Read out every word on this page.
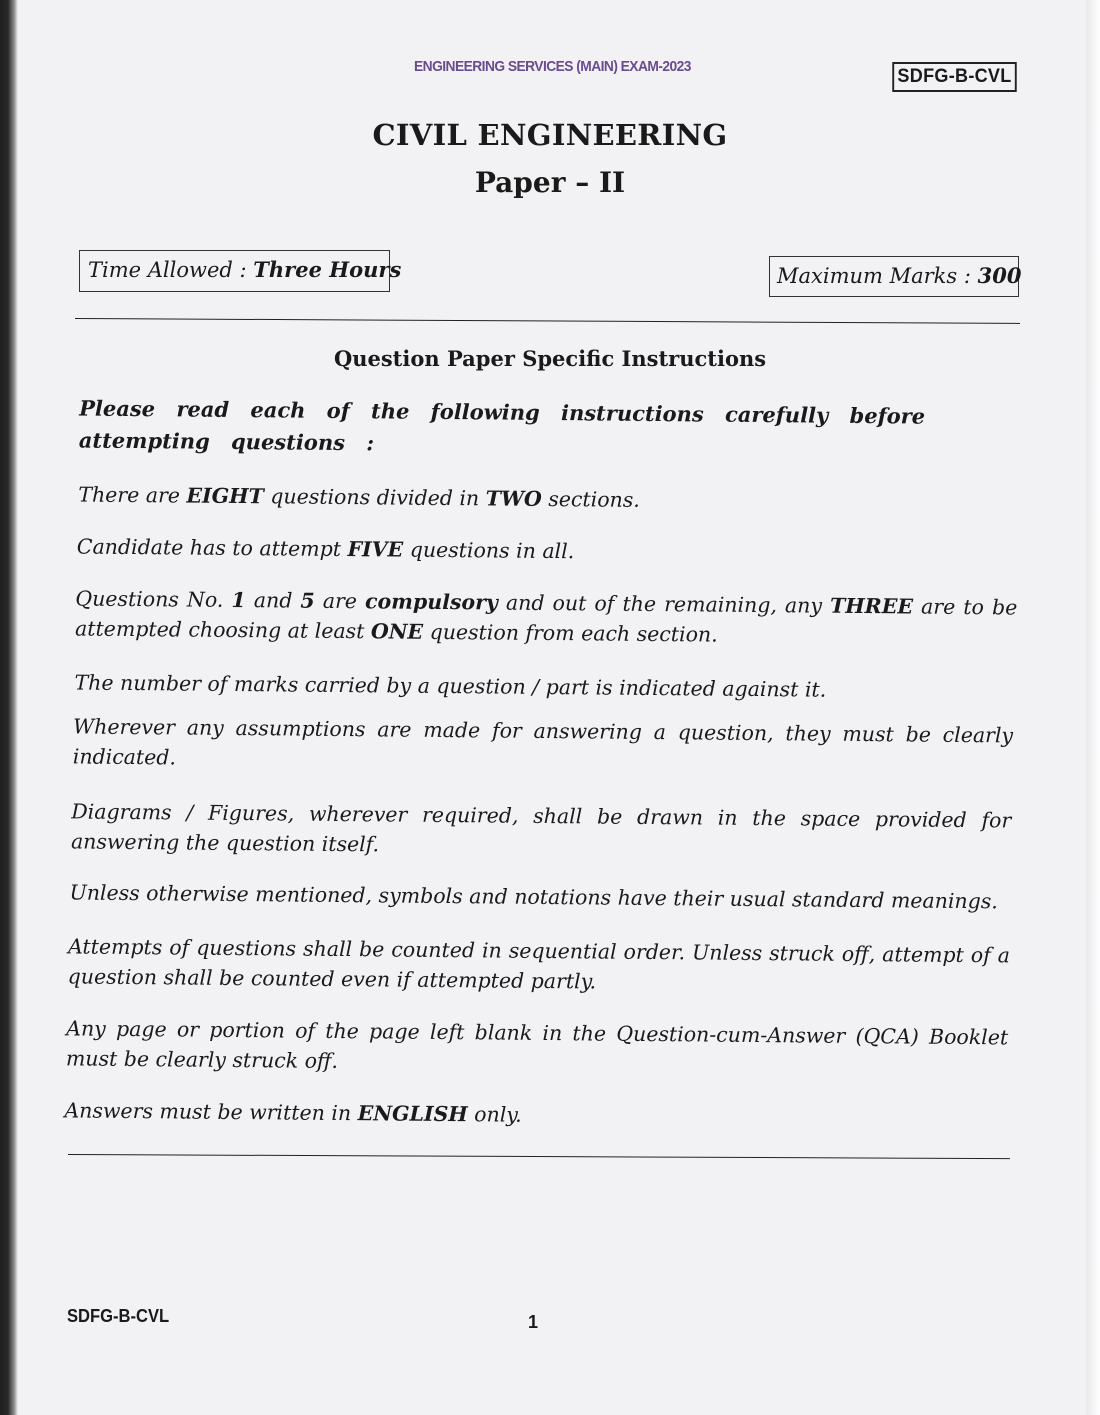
ENGINEERING SERVICES (MAIN) EXAM-2023	SDFG-B-CVL
CIVIL ENGINEERING
Paper – II
Time Allowed : Three Hours	Maximum Marks : 300
Question Paper Specific Instructions
Please read each of the following instructions carefully before attempting questions :
There are EIGHT questions divided in TWO sections.
Candidate has to attempt FIVE questions in all.
Questions No. 1 and 5 are compulsory and out of the remaining, any THREE are to be attempted choosing at least ONE question from each section.
The number of marks carried by a question / part is indicated against it.
Wherever any assumptions are made for answering a question, they must be clearly indicated.
Diagrams / Figures, wherever required, shall be drawn in the space provided for answering the question itself.
Unless otherwise mentioned, symbols and notations have their usual standard meanings.
Attempts of questions shall be counted in sequential order. Unless struck off, attempt of a question shall be counted even if attempted partly.
Any page or portion of the page left blank in the Question-cum-Answer (QCA) Booklet must be clearly struck off.
Answers must be written in ENGLISH only.
SDFG-B-CVL	1
